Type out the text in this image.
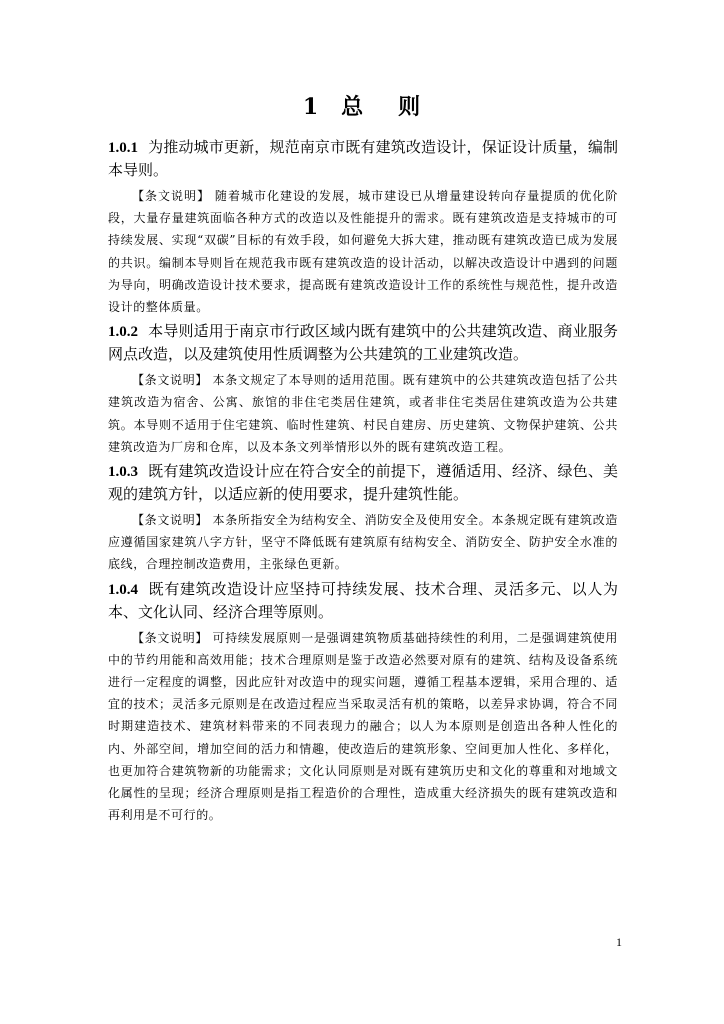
1 总 则

1.0.1 为推动城市更新，规范南京市既有建筑改造设计，保证设计质量，编制本导则。

【条文说明】 随着城市化建设的发展，城市建设已从增量建设转向存量提质的优化阶段，大量存量建筑面临各种方式的改造以及性能提升的需求。既有建筑改造是支持城市的可持续发展、实现“双碳”目标的有效手段，如何避免大拆大建，推动既有建筑改造已成为发展的共识。编制本导则旨在规范我市既有建筑改造的设计活动，以解决改造设计中遇到的问题为导向，明确改造设计技术要求，提高既有建筑改造设计工作的系统性与规范性，提升改造设计的整体质量。

1.0.2 本导则适用于南京市行政区域内既有建筑中的公共建筑改造、商业服务网点改造，以及建筑使用性质调整为公共建筑的工业建筑改造。

【条文说明】 本条文规定了本导则的适用范围。既有建筑中的公共建筑改造包括了公共建筑改造为宿舍、公寓、旅馆的非住宅类居住建筑，或者非住宅类居住建筑改造为公共建筑。本导则不适用于住宅建筑、临时性建筑、村民自建房、历史建筑、文物保护建筑、公共建筑改造为厂房和仓库，以及本条文列举情形以外的既有建筑改造工程。

1.0.3 既有建筑改造设计应在符合安全的前提下，遵循适用、经济、绿色、美观的建筑方针，以适应新的使用要求，提升建筑性能。

【条文说明】 本条所指安全为结构安全、消防安全及使用安全。本条规定既有建筑改造应遵循国家建筑八字方针，坚守不降低既有建筑原有结构安全、消防安全、防护安全水准的底线，合理控制改造费用，主张绿色更新。

1.0.4 既有建筑改造设计应坚持可持续发展、技术合理、灵活多元、以人为本、文化认同、经济合理等原则。

【条文说明】 可持续发展原则一是强调建筑物质基础持续性的利用，二是强调建筑使用中的节约用能和高效用能；技术合理原则是鉴于改造必然要对原有的建筑、结构及设备系统进行一定程度的调整，因此应针对改造中的现实问题，遵循工程基本逻辑，采用合理的、适宜的技术；灵活多元原则是在改造过程应当采取灵活有机的策略，以差异求协调，符合不同时期建造技术、建筑材料带来的不同表现力的融合；以人为本原则是创造出各种人性化的内、外部空间，增加空间的活力和情趣，使改造后的建筑形象、空间更加人性化、多样化，也更加符合建筑物新的功能需求；文化认同原则是对既有建筑历史和文化的尊重和对地域文化属性的呈现；经济合理原则是指工程造价的合理性，造成重大经济损失的既有建筑改造和再利用是不可行的。

1
